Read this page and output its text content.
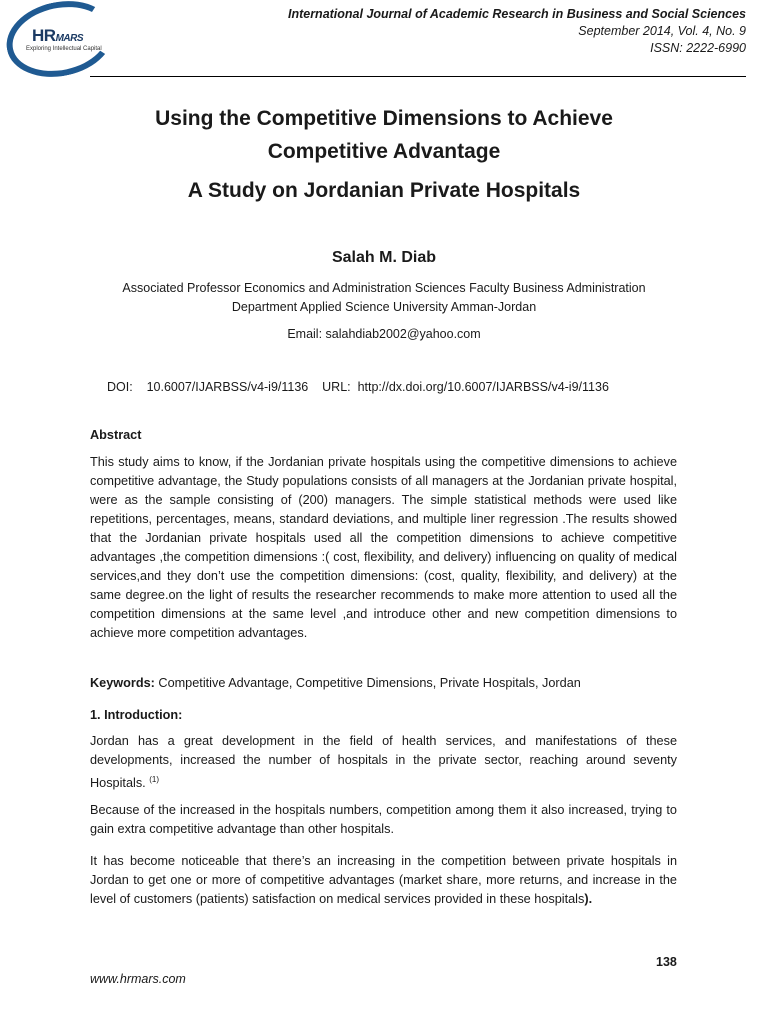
HRMARS
Exploring Intellectual Capital
International Journal of Academic Research in Business and Social Sciences
September 2014, Vol. 4, No. 9
ISSN: 2222-6990
Using the Competitive Dimensions to Achieve
Competitive Advantage
A Study on Jordanian Private Hospitals
Salah M. Diab
Associated Professor Economics and Administration Sciences Faculty Business Administration
Department Applied Science University Amman-Jordan
Email: salahdiab2002@yahoo.com
DOI:    10.6007/IJARBSS/v4-i9/1136    URL:  http://dx.doi.org/10.6007/IJARBSS/v4-i9/1136
Abstract
This study aims to know, if the Jordanian private hospitals using the competitive dimensions to achieve competitive advantage, the Study populations consists of all managers at the Jordanian private hospital, were as the sample consisting of (200) managers. The simple statistical methods were used like repetitions, percentages, means, standard deviations, and multiple liner regression .The results showed that the Jordanian private hospitals used all the competition dimensions to achieve competitive advantages ,the competition dimensions :( cost, flexibility, and delivery) influencing on quality of medical services,and they don’t use the competition dimensions: (cost, quality, flexibility, and delivery) at the same degree.on the light of results the researcher recommends to make more attention to used all the competition dimensions at the same level ,and introduce other and new competition dimensions to achieve more competition advantages.
Keywords: Competitive Advantage, Competitive Dimensions, Private Hospitals, Jordan
1. Introduction:
Jordan has a great development in the field of health services, and manifestations of these developments, increased the number of hospitals in the private sector, reaching around seventy Hospitals. $^{(1)}$
Because of the increased in the hospitals numbers, competition among them it also increased, trying to gain extra competitive advantage than other hospitals.
It has become noticeable that there’s an increasing in the competition between private hospitals in Jordan to get one or more of competitive advantages (market share, more returns, and increase in the level of customers (patients) satisfaction on medical services provided in these hospitals).
138
www.hrmars.com
